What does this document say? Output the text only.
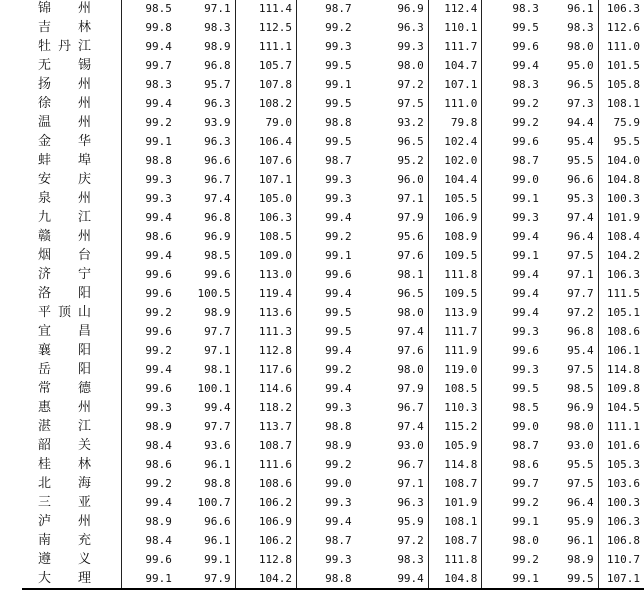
锦州	98.5	97.1	111.4	98.7	96.9	112.4	98.3	96.1	106.3
吉林	99.8	98.3	112.5	99.2	96.3	110.1	99.5	98.3	112.6
牡丹江	99.4	98.9	111.1	99.3	99.3	111.7	99.6	98.0	111.0
无锡	99.7	96.8	105.7	99.5	98.0	104.7	99.4	95.0	101.5
扬州	98.3	95.7	107.8	99.1	97.2	107.1	98.3	96.5	105.8
徐州	99.4	96.3	108.2	99.5	97.5	111.0	99.2	97.3	108.1
温州	99.2	93.9	79.0	98.8	93.2	79.8	99.2	94.4	75.9
金华	99.1	96.3	106.4	99.5	96.5	102.4	99.6	95.4	95.5
蚌埠	98.8	96.6	107.6	98.7	95.2	102.0	98.7	95.5	104.0
安庆	99.3	96.7	107.1	99.3	96.0	104.4	99.0	96.6	104.8
泉州	99.3	97.4	105.0	99.3	97.1	105.5	99.1	95.3	100.3
九江	99.4	96.8	106.3	99.4	97.9	106.9	99.3	97.4	101.9
赣州	98.6	96.9	108.5	99.2	95.6	108.9	99.4	96.4	108.4
烟台	99.4	98.5	109.0	99.1	97.6	109.5	99.1	97.5	104.2
济宁	99.6	99.6	113.0	99.6	98.1	111.8	99.4	97.1	106.3
洛阳	99.6	100.5	119.4	99.4	96.5	109.5	99.4	97.7	111.5
平顶山	99.2	98.9	113.6	99.5	98.0	113.9	99.4	97.2	105.1
宜昌	99.6	97.7	111.3	99.5	97.4	111.7	99.3	96.8	108.6
襄阳	99.2	97.1	112.8	99.4	97.6	111.9	99.6	95.4	106.1
岳阳	99.4	98.1	117.6	99.2	98.0	119.0	99.3	97.5	114.8
常德	99.6	100.1	114.6	99.4	97.9	108.5	99.5	98.5	109.8
惠州	99.3	99.4	118.2	99.3	96.7	110.3	98.5	96.9	104.5
湛江	98.9	97.7	113.7	98.8	97.4	115.2	99.0	98.0	111.1
韶关	98.4	93.6	108.7	98.9	93.0	105.9	98.7	93.0	101.6
桂林	98.6	96.1	111.6	99.2	96.7	114.8	98.6	95.5	105.3
北海	99.2	98.8	108.6	99.0	97.1	108.7	99.7	97.5	103.6
三亚	99.4	100.7	106.2	99.3	96.3	101.9	99.2	96.4	100.3
泸州	98.9	96.6	106.9	99.4	95.9	108.1	99.1	95.9	106.3
南充	98.4	96.1	106.2	98.7	97.2	108.7	98.0	96.1	106.8
遵义	99.6	99.1	112.8	99.3	98.3	111.8	99.2	98.9	110.7
大理	99.1	97.9	104.2	98.8	99.4	104.8	99.1	99.5	107.1
